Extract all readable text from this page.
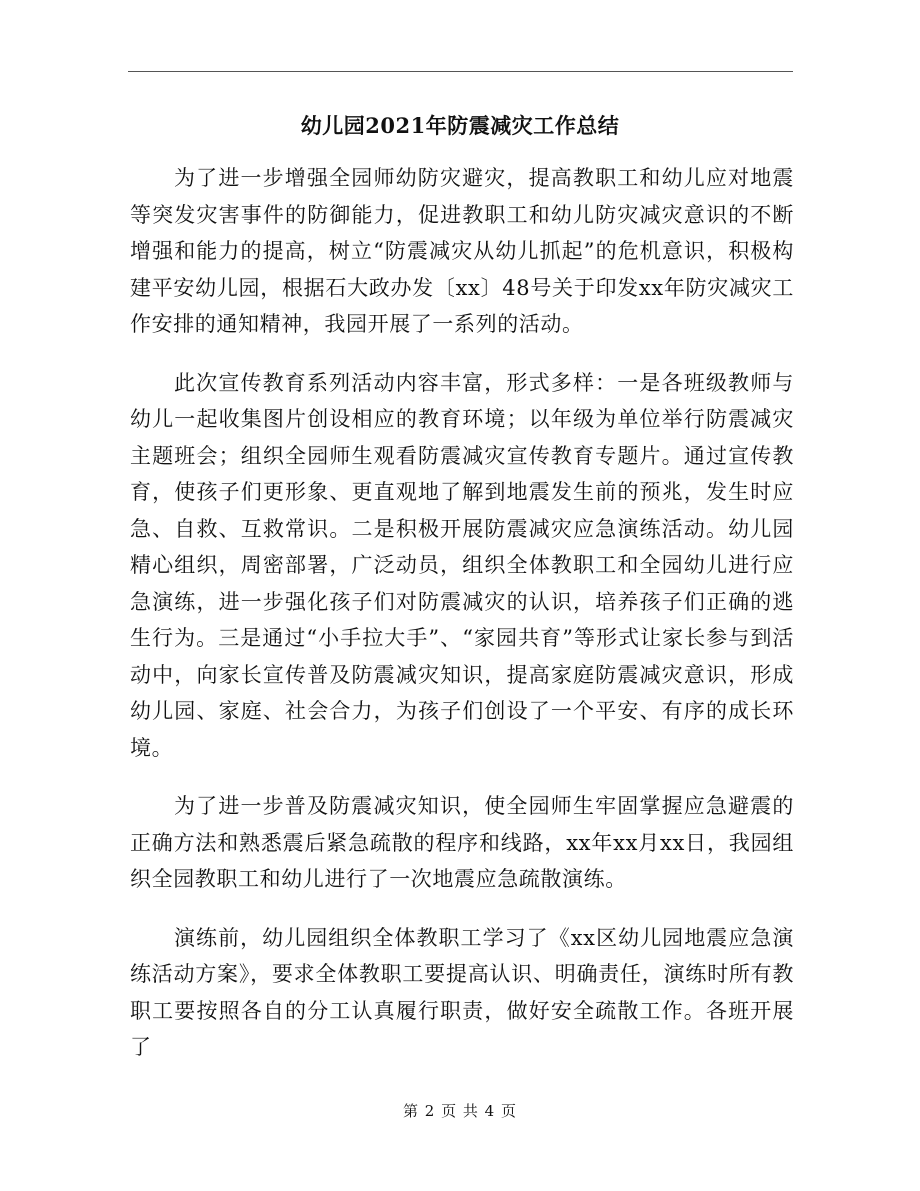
幼儿园2021年防震减灾工作总结

为了进一步增强全园师幼防灾避灾，提高教职工和幼儿应对地震等突发灾害事件的防御能力，促进教职工和幼儿防灾减灾意识的不断增强和能力的提高，树立“防震减灾从幼儿抓起”的危机意识，积极构建平安幼儿园，根据石大政办发〔xx〕48号关于印发xx年防灾减灾工作安排的通知精神，我园开展了一系列的活动。

此次宣传教育系列活动内容丰富，形式多样：一是各班级教师与幼儿一起收集图片创设相应的教育环境；以年级为单位举行防震减灾主题班会；组织全园师生观看防震减灾宣传教育专题片。通过宣传教育，使孩子们更形象、更直观地了解到地震发生前的预兆，发生时应急、自救、互救常识。二是积极开展防震减灾应急演练活动。幼儿园精心组织，周密部署，广泛动员，组织全体教职工和全园幼儿进行应急演练，进一步强化孩子们对防震减灾的认识，培养孩子们正确的逃生行为。三是通过“小手拉大手”、“家园共育”等形式让家长参与到活动中，向家长宣传普及防震减灾知识，提高家庭防震减灾意识，形成幼儿园、家庭、社会合力，为孩子们创设了一个平安、有序的成长环境。

为了进一步普及防震减灾知识，使全园师生牢固掌握应急避震的正确方法和熟悉震后紧急疏散的程序和线路，xx年xx月xx日，我园组织全园教职工和幼儿进行了一次地震应急疏散演练。

演练前，幼儿园组织全体教职工学习了《xx区幼儿园地震应急演练活动方案》，要求全体教职工要提高认识、明确责任，演练时所有教职工要按照各自的分工认真履行职责，做好安全疏散工作。各班开展了

第 2 页 共 4 页
